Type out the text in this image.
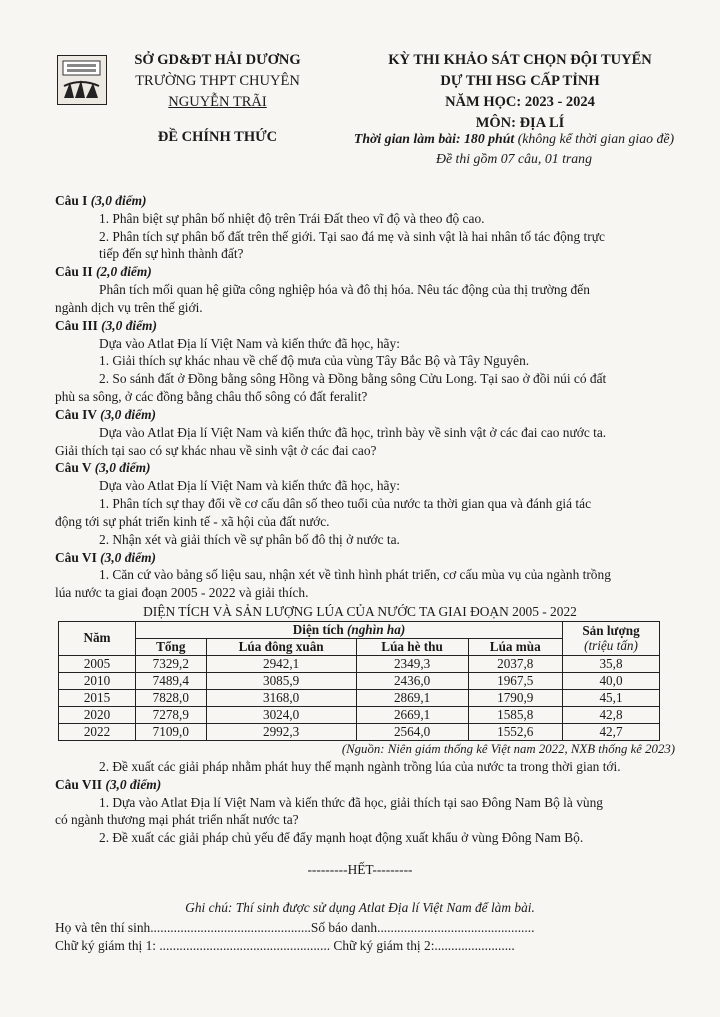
SỞ GD&ĐT HẢI DƯƠNG
TRƯỜNG THPT CHUYÊN
NGUYỄN TRÃI
KỲ THI KHẢO SÁT CHỌN ĐỘI TUYỂN
DỰ THI HSG CẤP TỈNH
NĂM HỌC: 2023 - 2024
MÔN: ĐỊA LÍ
ĐỀ CHÍNH THỨC	Thời gian làm bài: 180 phút (không kể thời gian giao đề)
Đề thi gồm 07 câu, 01 trang
Câu I (3,0 điểm)

1. Phân biệt sự phân bố nhiệt độ trên Trái Đất theo vĩ độ và theo độ cao.

2. Phân tích sự phân bố đất trên thế giới. Tại sao đá mẹ và sinh vật là hai nhân tố tác động trực

tiếp đến sự hình thành đất?

Câu II (2,0 điểm)

Phân tích mối quan hệ giữa công nghiệp hóa và đô thị hóa. Nêu tác động của thị trường đến

ngành dịch vụ trên thế giới.

Câu III (3,0 điểm)

Dựa vào Atlat Địa lí Việt Nam và kiến thức đã học, hãy:

1. Giải thích sự khác nhau về chế độ mưa của vùng Tây Bắc Bộ và Tây Nguyên.

2. So sánh đất ở Đồng bằng sông Hồng và Đồng bằng sông Cửu Long. Tại sao ở đồi núi có đất

phù sa sông, ở các đồng bằng châu thổ sông có đất feralit?

Câu IV (3,0 điểm)

Dựa vào Atlat Địa lí Việt Nam và kiến thức đã học, trình bày về sinh vật ở các đai cao nước ta.

Giải thích tại sao có sự khác nhau về sinh vật ở các đai cao?

Câu V (3,0 điểm)

Dựa vào Atlat Địa lí Việt Nam và kiến thức đã học, hãy:

1. Phân tích sự thay đổi về cơ cấu dân số theo tuổi của nước ta thời gian qua và đánh giá tác

động tới sự phát triển kinh tế - xã hội của đất nước.

2. Nhận xét và giải thích về sự phân bố đô thị ở nước ta.

Câu VI (3,0 điểm)

1. Căn cứ vào bảng số liệu sau, nhận xét về tình hình phát triển, cơ cấu mùa vụ của ngành trồng

lúa nước ta giai đoạn 2005 - 2022 và giải thích.

DIỆN TÍCH VÀ SẢN LƯỢNG LÚA CỦA NƯỚC TA GIAI ĐOẠN 2005 - 2022
Năm	Diện tích (nghìn ha)				Sản lượng
(triệu tấn)
	Tổng	Lúa đông xuân	Lúa hè thu	Lúa mùa	
2005	7329,2	2942,1	2349,3	2037,8	35,8
2010	7489,4	3085,9	2436,0	1967,5	40,0
2015	7828,0	3168,0	2869,1	1790,9	45,1
2020	7278,9	3024,0	2669,1	1585,8	42,8
2022	7109,0	2992,3	2564,0	1552,6	42,7
(Nguồn: Niên giám thống kê Việt nam 2022, NXB thống kê 2023)

2. Đề xuất các giải pháp nhằm phát huy thế mạnh ngành trồng lúa của nước ta trong thời gian tới.

Câu VII (3,0 điểm)

1. Dựa vào Atlat Địa lí Việt Nam và kiến thức đã học, giải thích tại sao Đông Nam Bộ là vùng

có ngành thương mại phát triển nhất nước ta?

2. Đề xuất các giải pháp chủ yếu để đẩy mạnh hoạt động xuất khẩu ở vùng Đông Nam Bộ.

---------HẾT---------
Ghi chú: Thí sinh được sử dụng Atlat Địa lí Việt Nam để làm bài.
Họ và tên thí sinh................................................Số báo danh...............................................
Chữ ký giám thị 1: ................................................... Chữ ký giám thị 2:........................
